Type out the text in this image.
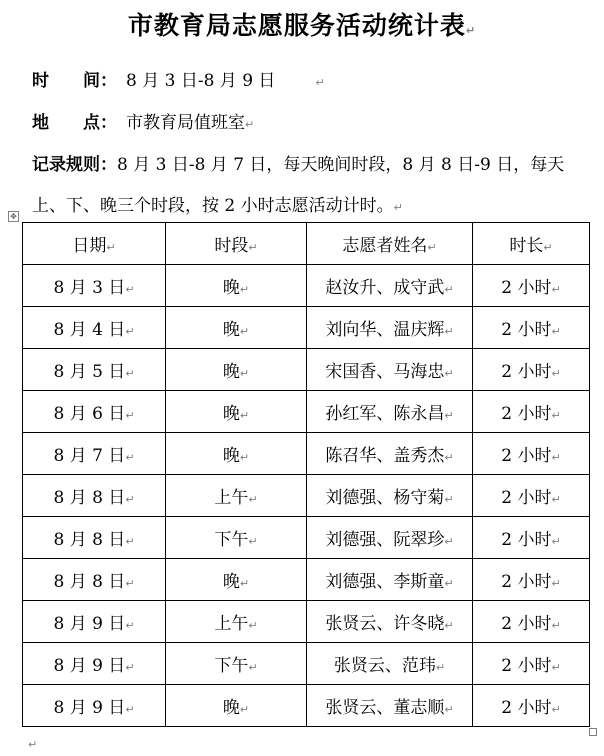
市教育局志愿服务活动统计表↵
时　　间： 8 月 3 日-8 月 9 日	↵
地　　点： 市教育局值班室↵
记录规则：8 月 3 日-8 月 7 日，每天晚间时段，8 月 8 日-9 日，每天
上、下、晚三个时段，按 2 小时志愿活动计时。↵
✥
日期↵	时段↵	志愿者姓名↵	时长↵
8 月 3 日↵	晚↵	赵汝升、成守武↵	2 小时↵
8 月 4 日↵	晚↵	刘向华、温庆辉↵	2 小时↵
8 月 5 日↵	晚↵	宋国香、马海忠↵	2 小时↵
8 月 6 日↵	晚↵	孙红军、陈永昌↵	2 小时↵
8 月 7 日↵	晚↵	陈召华、盖秀杰↵	2 小时↵
8 月 8 日↵	上午↵	刘德强、杨守菊↵	2 小时↵
8 月 8 日↵	下午↵	刘德强、阮翠珍↵	2 小时↵
8 月 8 日↵	晚↵	刘德强、李斯童↵	2 小时↵
8 月 9 日↵	上午↵	张贤云、许冬晓↵	2 小时↵
8 月 9 日↵	下午↵	张贤云、范玮↵	2 小时↵
8 月 9 日↵	晚↵	张贤云、董志顺↵	2 小时↵
↵
